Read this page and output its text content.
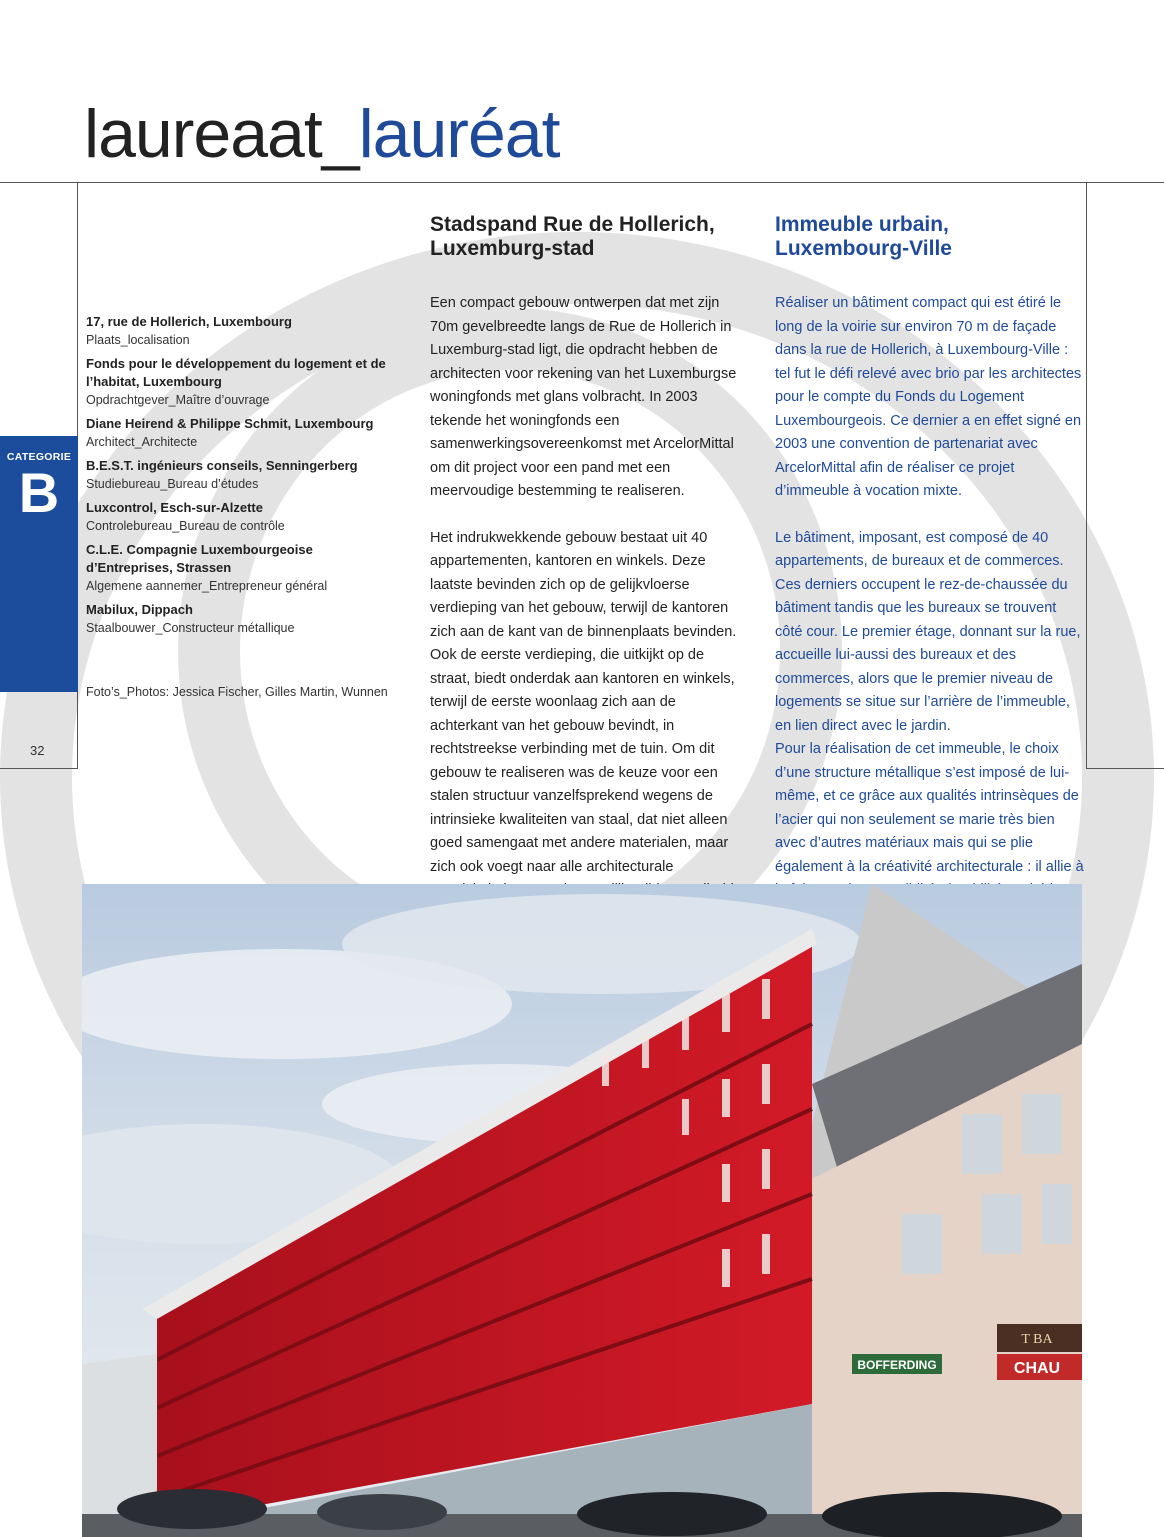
laureaat_lauréat
CATEGORIE
B
32
17, rue de Hollerich, Luxembourg
Plaats_localisation
Fonds pour le développement du logement et de l’habitat, Luxembourg
Opdrachtgever_Maître d’ouvrage
Diane Heirend & Philippe Schmit, Luxembourg
Architect_Architecte
B.E.S.T. ingénieurs conseils, Senningerberg
Studiebureau_Bureau d’études
Luxcontrol, Esch-sur-Alzette
Controlebureau_Bureau de contrôle
C.L.E. Compagnie Luxembourgeoise d’Entreprises, Strassen
Algemene aannemer_Entrepreneur général
Mabilux, Dippach
Staalbouwer_Constructeur métallique
Foto’s_Photos: Jessica Fischer, Gilles Martin, Wunnen
Stadspand Rue de Hollerich,
Luxemburg-stad

Een compact gebouw ontwerpen dat met zijn 70m gevelbreedte langs de Rue de Hollerich in Luxemburg-stad ligt, die opdracht hebben de architecten voor rekening van het Luxemburgse woningfonds met glans volbracht. In 2003 tekende het woningfonds een samenwerkingsovereenkomst met ArcelorMittal om dit project voor een pand met een meervoudige bestemming te realiseren.

Het indrukwekkende gebouw bestaat uit 40 appartementen, kantoren en winkels. Deze laatste bevinden zich op de gelijkvloerse verdieping van het gebouw, terwijl de kantoren zich aan de kant van de binnenplaats bevinden. Ook de eerste verdieping, die uitkijkt op de straat, biedt onderdak aan kantoren en winkels, terwijl de eerste woonlaag zich aan de achterkant van het gebouw bevindt, in rechtstreekse verbinding met de tuin. Om dit gebouw te realiseren was de keuze voor een stalen structuur vanzelfsprekend wegens de intrinsieke kwaliteiten van staal, dat niet alleen goed samengaat met andere materialen, maar zich ook voegt naar alle architecturale

Immeuble urbain,
Luxembourg-Ville

Réaliser un bâtiment compact qui est étiré le long de la voirie sur environ 70 m de façade dans la rue de Hollerich, à Luxembourg-Ville : tel fut le défi relevé avec brio par les architectes pour le compte du Fonds du Logement Luxembourgeois. Ce dernier a en effet signé en 2003 une convention de partenariat avec ArcelorMittal afin de réaliser ce projet d’immeuble à vocation mixte.

Le bâtiment, imposant, est composé de 40 appartements, de bureaux et de commerces. Ces derniers occupent le rez-de-chaussée du bâtiment tandis que les bureaux se trouvent côté cour. Le premier étage, donnant sur la rue, accueille lui-aussi des bureaux et des commerces, alors que le premier niveau de logements se situe sur l’arrière de l’immeuble, en lien direct avec le jardin.

Pour la réalisation de cet immeuble, le choix d’une structure métallique s’est imposé de lui-même, et ce grâce aux qualités intrinsèques de l’acier qui non seulement se marie très bien avec d’autres matériaux mais qui se plie également à la créativité architecturale : il allie à

BOFFERDING
T BA
CHAU
